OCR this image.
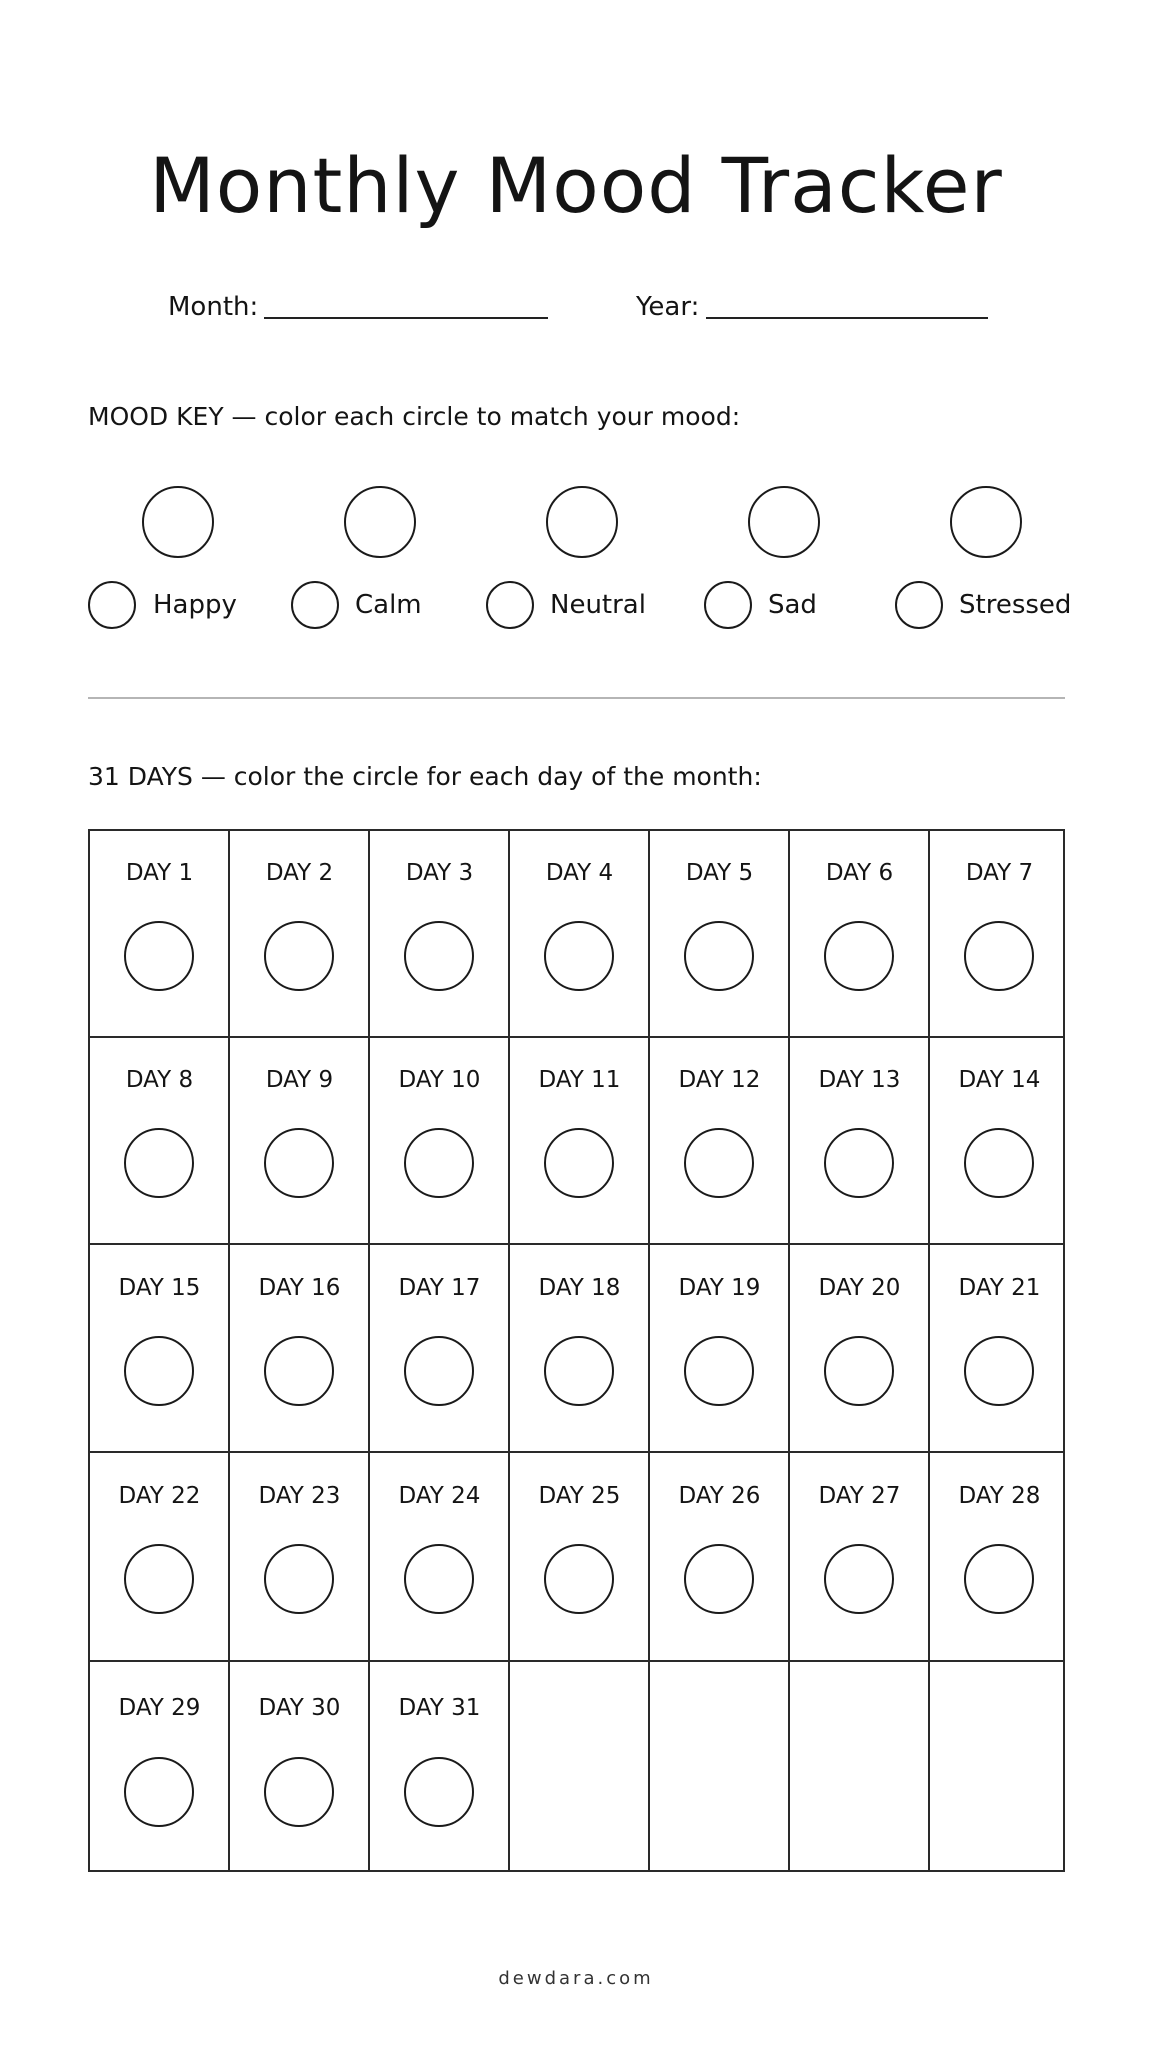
Monthly Mood Tracker
Month:	Year:
MOOD KEY — color each circle to match your mood:
Happy	Calm	Neutral	Sad	Stressed
31 DAYS — color the circle for each day of the month:
DAY 1	DAY 2	DAY 3	DAY 4	DAY 5	DAY 6	DAY 7
DAY 8	DAY 9	DAY 10	DAY 11	DAY 12	DAY 13	DAY 14
DAY 15	DAY 16	DAY 17	DAY 18	DAY 19	DAY 20	DAY 21
DAY 22	DAY 23	DAY 24	DAY 25	DAY 26	DAY 27	DAY 28
DAY 29	DAY 30	DAY 31
dewdara.com
